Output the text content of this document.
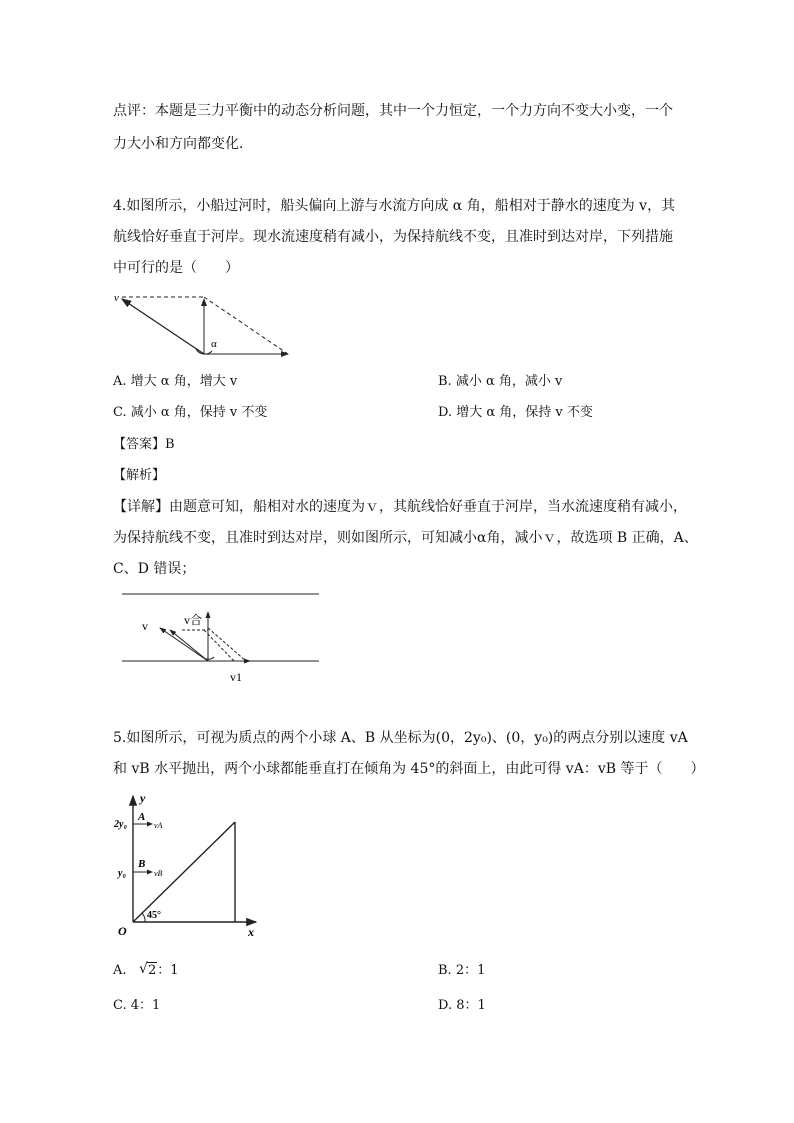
点评：本题是三力平衡中的动态分析问题，其中一个力恒定，一个力方向不变大小变，一个
力大小和方向都变化．
4.如图所示，小船过河时，船头偏向上游与水流方向成 α 角，船相对于静水的速度为 v，其
航线恰好垂直于河岸。现水流速度稍有减小，为保持航线不变，且准时到达对岸，下列措施
中可行的是（　　）
v
α
A. 增大 α 角，增大 v	B. 减小 α 角，减小 v
C. 减小 α 角，保持 v 不变	D. 增大 α 角，保持 v 不变
【答案】B
【解析】
【详解】由题意可知，船相对水的速度为ｖ，其航线恰好垂直于河岸，当水流速度稍有减小，
为保持航线不变，且准时到达对岸，则如图所示，可知减小α角，减小ｖ，故选项 B 正确，A、
C、D 错误；
v	v合
v1
5.如图所示，可视为质点的两个小球 A、B 从坐标为(0，2y₀)、(0，y₀)的两点分别以速度 vA
和 vB 水平抛出，两个小球都能垂直打在倾角为 45°的斜面上，由此可得 vA：vB 等于（　　）
y
x
O
2y₀
y₀
A
B
vA
vB
45°
A. √ 2：1	B. 2：1
C. 4：1	D. 8：1
